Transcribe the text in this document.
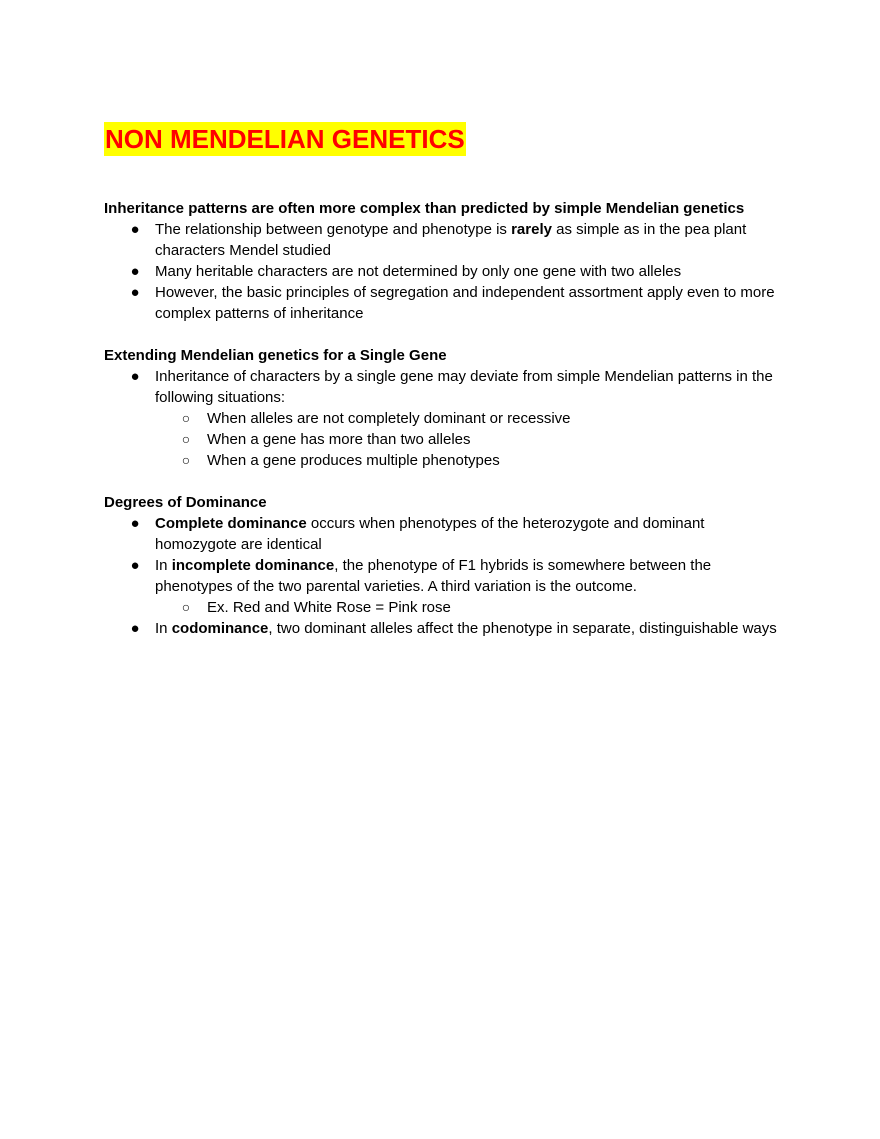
NON MENDELIAN GENETICS

Inheritance patterns are often more complex than predicted by simple Mendelian genetics

● The relationship between genotype and phenotype is rarely as simple as in the pea plant characters Mendel studied
● Many heritable characters are not determined by only one gene with two alleles
● However, the basic principles of segregation and independent assortment apply even to more complex patterns of inheritance

Extending Mendelian genetics for a Single Gene

● Inheritance of characters by a single gene may deviate from simple Mendelian patterns in the following situations:
○ When alleles are not completely dominant or recessive
○ When a gene has more than two alleles
○ When a gene produces multiple phenotypes

Degrees of Dominance

● Complete dominance occurs when phenotypes of the heterozygote and dominant homozygote are identical
● In incomplete dominance, the phenotype of F1 hybrids is somewhere between the phenotypes of the two parental varieties. A third variation is the outcome.
○ Ex. Red and White Rose = Pink rose
● In codominance, two dominant alleles affect the phenotype in separate, distinguishable ways
